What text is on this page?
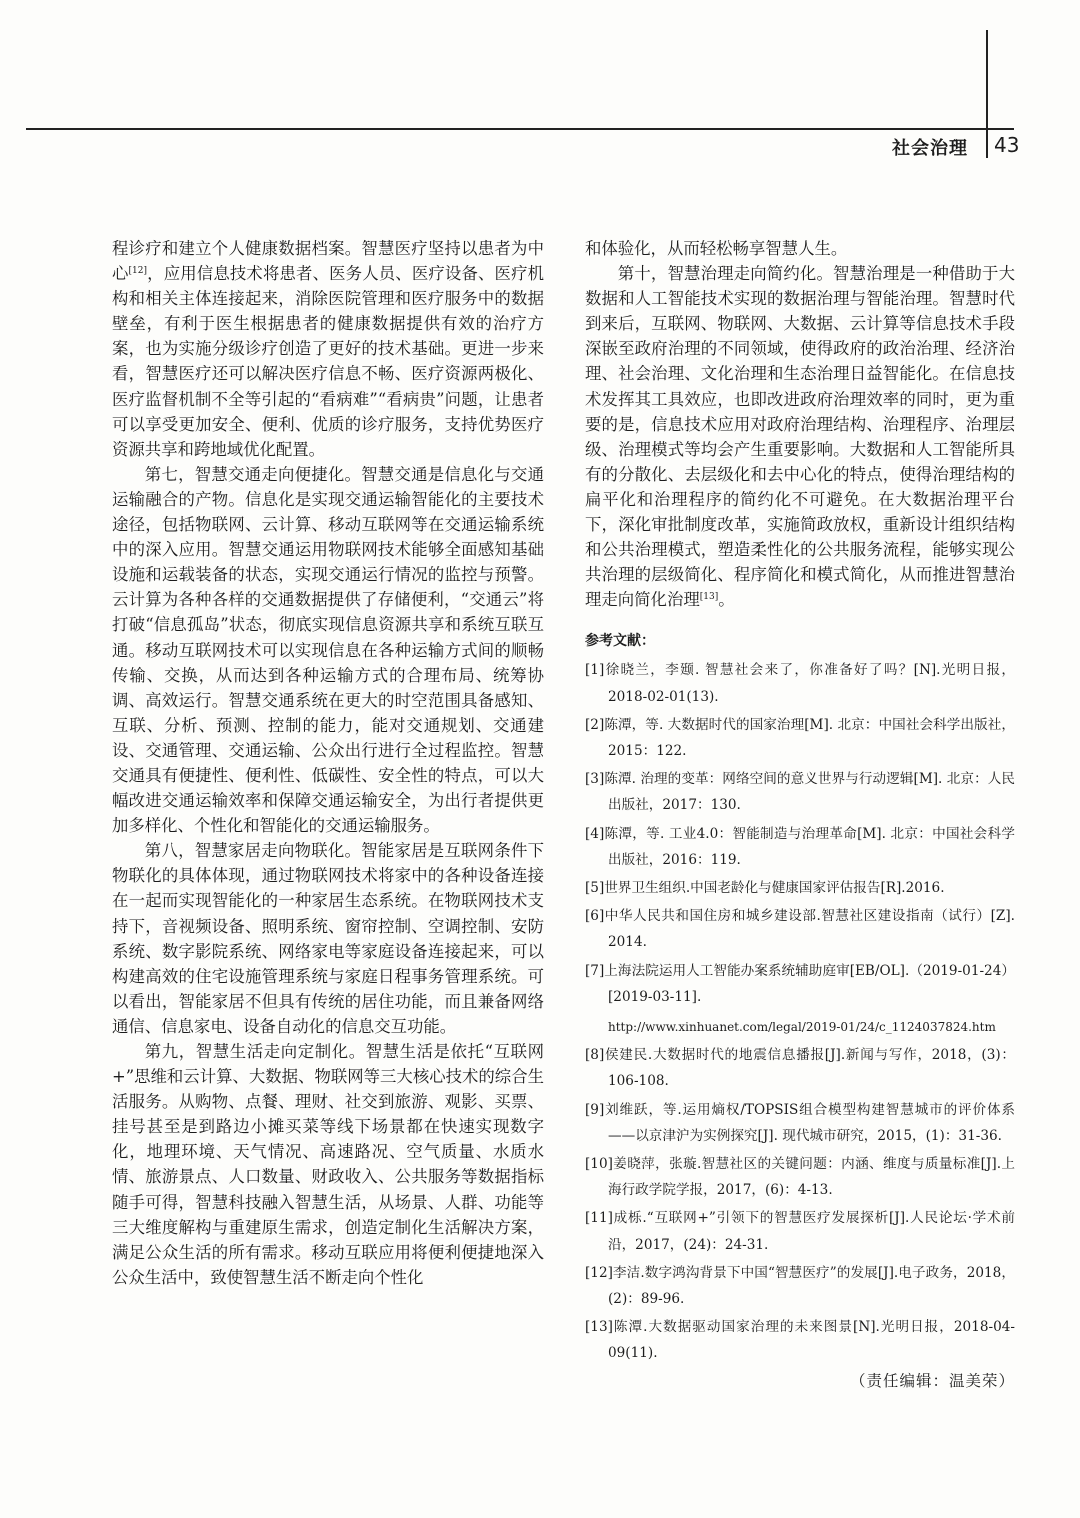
社会治理 43

程诊疗和建立个人健康数据档案。智慧医疗坚持以患者为中心[12]，应用信息技术将患者、医务人员、医疗设备、医疗机构和相关主体连接起来，消除医院管理和医疗服务中的数据壁垒，有利于医生根据患者的健康数据提供有效的治疗方案，也为实施分级诊疗创造了更好的技术基础。更进一步来看，智慧医疗还可以解决医疗信息不畅、医疗资源两极化、医疗监督机制不全等引起的“看病难”“看病贵”问题，让患者可以享受更加安全、便利、优质的诊疗服务，支持优势医疗资源共享和跨地域优化配置。

第七，智慧交通走向便捷化。智慧交通是信息化与交通运输融合的产物。信息化是实现交通运输智能化的主要技术途径，包括物联网、云计算、移动互联网等在交通运输系统中的深入应用。智慧交通运用物联网技术能够全面感知基础设施和运载装备的状态，实现交通运行情况的监控与预警。云计算为各种各样的交通数据提供了存储便利，“交通云”将打破“信息孤岛”状态，彻底实现信息资源共享和系统互联互通。移动互联网技术可以实现信息在各种运输方式间的顺畅传输、交换，从而达到各种运输方式的合理布局、统筹协调、高效运行。智慧交通系统在更大的时空范围具备感知、互联、分析、预测、控制的能力，能对交通规划、交通建设、交通管理、交通运输、公众出行进行全过程监控。智慧交通具有便捷性、便利性、低碳性、安全性的特点，可以大幅改进交通运输效率和保障交通运输安全，为出行者提供更加多样化、个性化和智能化的交通运输服务。

第八，智慧家居走向物联化。智能家居是互联网条件下物联化的具体体现，通过物联网技术将家中的各种设备连接在一起而实现智能化的一种家居生态系统。在物联网技术支持下，音视频设备、照明系统、窗帘控制、空调控制、安防系统、数字影院系统、网络家电等家庭设备连接起来，可以构建高效的住宅设施管理系统与家庭日程事务管理系统。可以看出，智能家居不但具有传统的居住功能，而且兼备网络通信、信息家电、设备自动化的信息交互功能。

第九，智慧生活走向定制化。智慧生活是依托“互联网+”思维和云计算、大数据、物联网等三大核心技术的综合生活服务。从购物、点餐、理财、社交到旅游、观影、买票、挂号甚至是到路边小摊买菜等线下场景都在快速实现数字化，地理环境、天气情况、高速路况、空气质量、水质水情、旅游景点、人口数量、财政收入、公共服务等数据指标随手可得，智慧科技融入智慧生活，从场景、人群、功能等三大维度解构与重建原生需求，创造定制化生活解决方案，满足公众生活的所有需求。移动互联应用将便利便捷地深入公众生活中，致使智慧生活不断走向个性化

和体验化，从而轻松畅享智慧人生。

第十，智慧治理走向简约化。智慧治理是一种借助于大数据和人工智能技术实现的数据治理与智能治理。智慧时代到来后，互联网、物联网、大数据、云计算等信息技术手段深嵌至政府治理的不同领域，使得政府的政治治理、经济治理、社会治理、文化治理和生态治理日益智能化。在信息技术发挥其工具效应，也即改进政府治理效率的同时，更为重要的是，信息技术应用对政府治理结构、治理程序、治理层级、治理模式等均会产生重要影响。大数据和人工智能所具有的分散化、去层级化和去中心化的特点，使得治理结构的扁平化和治理程序的简约化不可避免。在大数据治理平台下，深化审批制度改革，实施简政放权，重新设计组织结构和公共治理模式，塑造柔性化的公共服务流程，能够实现公共治理的层级简化、程序简化和模式简化，从而推进智慧治理走向简化治理[13]。

参考文献：
[1]徐晓兰，李颋. 智慧社会来了，你准备好了吗？[N].光明日报，2018-02-01(13).
[2]陈潭，等. 大数据时代的国家治理[M]. 北京：中国社会科学出版社，2015：122.
[3]陈潭. 治理的变革：网络空间的意义世界与行动逻辑[M]. 北京：人民出版社，2017：130.
[4]陈潭，等. 工业4.0：智能制造与治理革命[M]. 北京：中国社会科学出版社，2016：119.
[5]世界卫生组织.中国老龄化与健康国家评估报告[R].2016.
[6]中华人民共和国住房和城乡建设部.智慧社区建设指南（试行）[Z]. 2014.
[7]上海法院运用人工智能办案系统辅助庭审[EB/OL].（2019-01-24）[2019-03-11].
http://www.xinhuanet.com/legal/2019-01/24/c_1124037824.htm
[8]侯建民.大数据时代的地震信息播报[J].新闻与写作，2018，(3)：106-108.
[9]刘维跃，等.运用熵权/TOPSIS组合模型构建智慧城市的评价体系——以京津沪为实例探究[J]. 现代城市研究，2015，(1)：31-36.
[10]姜晓萍，张璇.智慧社区的关键问题：内涵、维度与质量标准[J].上海行政学院学报，2017，(6)：4-13.
[11]成栎.“互联网+”引领下的智慧医疗发展探析[J].人民论坛·学术前沿，2017，(24)：24-31.
[12]李洁.数字鸿沟背景下中国“智慧医疗”的发展[J].电子政务，2018，(2)：89-96.
[13]陈潭.大数据驱动国家治理的未来图景[N].光明日报，2018-04-09(11).
（责任编辑：温美荣）
